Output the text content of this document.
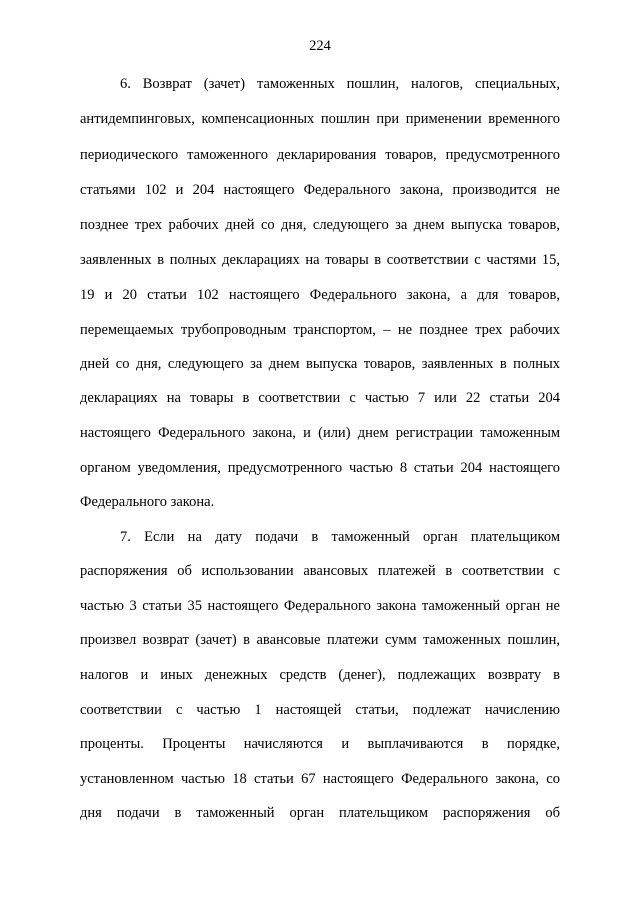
224
6. Возврат (зачет) таможенных пошлин, налогов, специальных,
антидемпинговых, компенсационных пошлин при применении временного
периодического таможенного декларирования товаров, предусмотренного
статьями 102 и 204 настоящего Федерального закона, производится не
позднее трех рабочих дней со дня, следующего за днем выпуска товаров,
заявленных в полных декларациях на товары в соответствии с частями 15,
19 и 20 статьи 102 настоящего Федерального закона, а для товаров,
перемещаемых трубопроводным транспортом, – не позднее трех рабочих
дней со дня, следующего за днем выпуска товаров, заявленных в полных
декларациях на товары в соответствии с частью 7 или 22 статьи 204
настоящего Федерального закона, и (или) днем регистрации таможенным
органом уведомления, предусмотренного частью 8 статьи 204 настоящего
Федерального закона.
7. Если на дату подачи в таможенный орган плательщиком
распоряжения об использовании авансовых платежей в соответствии с
частью 3 статьи 35 настоящего Федерального закона таможенный орган не
произвел возврат (зачет) в авансовые платежи сумм таможенных пошлин,
налогов и иных денежных средств (денег), подлежащих возврату в
соответствии с частью 1 настоящей статьи, подлежат начислению
проценты. Проценты начисляются и выплачиваются в порядке,
установленном частью 18 статьи 67 настоящего Федерального закона, со
дня подачи в таможенный орган плательщиком распоряжения об
